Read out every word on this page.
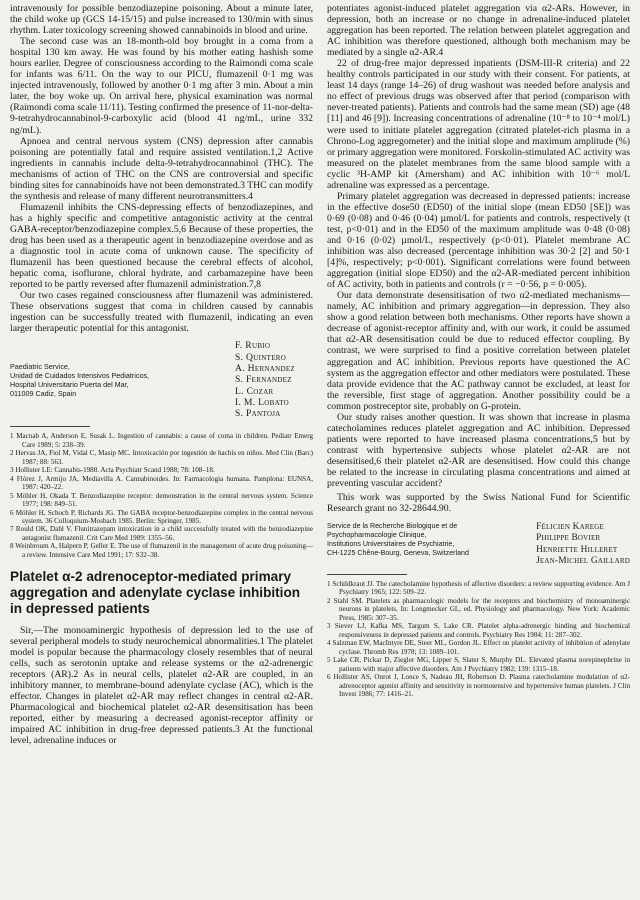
intravenously for possible benzodiazepine poisoning. About a minute later, the child woke up (GCS 14-15/15) and pulse increased to 130/min with sinus rhythm. Later toxicology screening showed cannabinoids in blood and urine.

The second case was an 18-month-old boy brought in a coma from a hospital 130 km away. He was found by his mother eating hashish some hours earlier. Degree of consciousness according to the Raimondi coma scale for infants was 6/11. On the way to our PICU, flumazenil 0·1 mg was injected intravenously, followed by another 0·1 mg after 3 min. About a min later, the boy woke up. On arrival here, physical examination was normal (Raimondi coma scale 11/11). Testing confirmed the presence of 11-nor-delta-9-tetrahydrocannabinol-9-carboxylic acid (blood 41 ng/mL, urine 332 ng/mL).

Apnoea and central nervous system (CNS) depression after cannabis poisoning are potentially fatal and require assisted ventilation.1,2 Active ingredients in cannabis include delta-9-tetrahydrocannabinol (THC). The mechanisms of action of THC on the CNS are controversial and specific binding sites for cannabinoids have not been demonstrated.3 THC can modify the synthesis and release of many different neurotransmitters.4

Flumazenil inhibits the CNS-depressing effects of benzodiazepines, and has a highly specific and competitive antagonistic activity at the central GABA-receptor/benzodiazepine complex.5,6 Because of these properties, the drug has been used as a therapeutic agent in benzodiazepine overdose and as a diagnostic tool in acute coma of unknown cause. The specificity of flumazenil has been questioned because the cerebral effects of alcohol, hepatic coma, isoflurane, chloral hydrate, and carbamazepine have been reported to be partly reversed after flumazenil administration.7,8

Our two cases regained consciousness after flumazenil was administered. These observations suggest that coma in children caused by cannabis ingestion can be successfully treated with flumazenil, indicating an even larger therapeutic potential for this antagonist.

Paediatric Service,
Unidad de Cuidados Intensivos Pediatricos,
Hospital Universitario Puerta del Mar,
011009 Cadiz, Spain
F. Rubio
S. Quintero
A. Hernandez
S. Fernandez
L. Cozar
I. M. Lobato
S. Pantoja
1 Macnab A, Anderson E, Susak L. Ingestion of cannabis: a cause of coma in children. Pediatr Emerg Care 1989; 5: 238–39.
2 Hervas JA, Fiol M, Vidal C, Masip MC. Intoxicación por ingestión de hachís en niños. Med Clin (Barc) 1987; 88: 563.
3 Hollister LE: Cannabis-1988. Acta Psychiatr Scand 1988; 78: 108–18.
4 Flórez J, Armijo JA, Mediavilla A. Cannabinoides. In: Farmacologia humana. Pamplona: EUNSA, 1987: 420–22.
5 Möhler H, Okada T. Benzodiazepine receptor: demonstration in the central nervous system. Science 1977; 198: 849–51.
6 Möhler H, Schoch P, Richards JG. The GABA receptor-benzodiazepine complex in the central nervous system. 36 Colloquium-Mosbach 1985. Berlin: Springer, 1985.
7 Rould OK, Dahl V. Flunitrazepam intoxication in a child successfully treated with the benzodiazepine antagonist flumazenil. Crit Care Med 1989: 1355–56.
8 Weinbroum A, Halpern P, Geller E. The use of flumazenil in the management of acute drug poisoning—a review. Intensive Care Med 1991; 17: S32–38.
Platelet α-2 adrenoceptor-mediated primary aggregation and adenylate cyclase inhibition in depressed patients

Sir,—The monoaminergic hypothesis of depression led to the use of several peripheral models to study neurochemical abnormalities.1 The platelet model is popular because the pharmacology closely resembles that of neural cells, such as serotonin uptake and release systems or the α2-adrenergic receptors (AR).2 As in neural cells, platelet α2-AR are coupled, in an inhibitory manner, to membrane-bound adenylate cyclase (AC), which is the effector. Changes in platelet α2-AR may reflect changes in central α2-AR. Pharmacological and biochemical platelet α2-AR desensitisation has been reported, either by measuring a decreased agonist-receptor affinity or impaired AC inhibition in drug-free depressed patients.3 At the functional level, adrenaline induces or

potentiates agonist-induced platelet aggregation via α2-ARs. However, in depression, both an increase or no change in adrenaline-induced platelet aggregation has been reported. The relation between platelet aggregation and AC inhibition was therefore questioned, although both mechanism may be mediated by a single α2-AR.4

22 of drug-free major depressed inpatients (DSM-III-R criteria) and 22 healthy controls participated in our study with their consent. For patients, at least 14 days (range 14–26) of drug washout was needed before analysis and no effect of previous drugs was observed after that period (comparison with never-treated patients). Patients and controls had the same mean (SD) age (48 [11] and 46 [9]). Increasing concentrations of adrenaline (10⁻⁸ to 10⁻⁴ mol/L) were used to initiate platelet aggregation (citrated platelet-rich plasma in a Chrono-Log aggregometer) and the initial slope and maximum amplitude (%) or primary aggregation were monitored. Forskolin-stimulated AC activity was measured on the platelet membranes from the same blood sample with a cyclic ³H-AMP kit (Amersham) and AC inhibition with 10⁻⁶ mol/L adrenaline was expressed as a percentage.

Primary platelet aggregation was decreased in depressed patients: increase in the effective dose50 (ED50) of the initial slope (mean ED50 [SE]) was 0·69 (0·08) and 0·46 (0·04) µmol/L for patients and controls, respectively (t test, p<0·01) and in the ED50 of the maximum amplitude was 0·48 (0·08) and 0·16 (0·02) µmol/L, respectively (p<0·01). Platelet membrane AC inhibition was also decreased (percentage inhibition was 30·2 [2] and 50·1 [4]%, respectively; p<0·001). Significant correlations were found between aggregation (initial slope ED50) and the α2-AR-mediated percent inhibition of AC activity, both in patients and controls (r = −0·56, p = 0·005).

Our data demonstrate desensitisation of two α2-mediated mechanisms—namely, AC inhibition and primary aggregation—in depression. They also show a good relation between both mechanisms. Other reports have shown a decrease of agonist-receptor affinity and, with our work, it could be assumed that α2-AR desensitisation could be due to reduced effector coupling. By contrast, we were surprised to find a positive correlation between platelet aggregation and AC inhibition. Previous reports have questioned the AC system as the aggregation effector and other mediators were postulated. These data provide evidence that the AC pathway cannot be excluded, at least for the reversible, first stage of aggregation. Another possibility could be a common postreceptor site, probably on G-protein.

Our study raises another question. It was shown that increase in plasma catecholamines reduces platelet aggregation and AC inhibition. Depressed patients were reported to have increased plasma concentrations,5 but by contrast with hypertensive subjects whose platelet α2-AR are not desensitised,6 their platelet α2-AR are desensitised. How could this change be related to the increase in circulating plasma concentrations and aimed at preventing vascular accident?

This work was supported by the Swiss National Fund for Scientific Research grant no 32-28644.90.

Service de la Recherche Biologique et de
Psychopharmacologie Clinique,
Institutions Universitaires de Psychiatrie,
CH-1225 Chêne-Bourg, Geneva, Switzerland
Félicien Karege
Philippe Bovier
Henriette Hilleret
Jean-Michel Gaillard
1 Schildkraut JJ. The catecholamine hypothesis of affective disorders: a review supporting evidence. Am J Psychiatry 1965; 122: 509–22.
2 Stahl SM. Platelets as pharmacologic models for the receptors and biochemistry of monoaminergic neurons in platelets. In: Longmecker GL, ed. Physiology and pharmacology. New York: Academic Press, 1985: 307–35.
3 Siever LJ, Kafka MS, Targum S, Lake CR. Platelet alpha-adrenergic binding and biochemical responsiveness in depressed patients and controls. Psychiatry Res 1984; 11: 287–302.
4 Salzman EW, MacIntyre DE, Steer ML, Gordon JL. Effect on platelet activity of inhibition of adenylate cyclase. Thromb Res 1978; 13: 1089–101.
5 Lake CR, Pickar D, Ziegler MG, Lipper S, Slater S, Murphy DL. Elevated plasma norepinephrine in patients with major affective disorders. Am J Psychiatry 1982; 139: 1315–18.
6 Hollister AS, Onrot J, Lonce S, Nadeau JH, Robertson D. Plasma catecholamine modulation of α2-adrenoceptor agonist affinity and sensitivity in normotensive and hypertensive human platelets. J Clin Invest 1986; 77: 1416–21.
